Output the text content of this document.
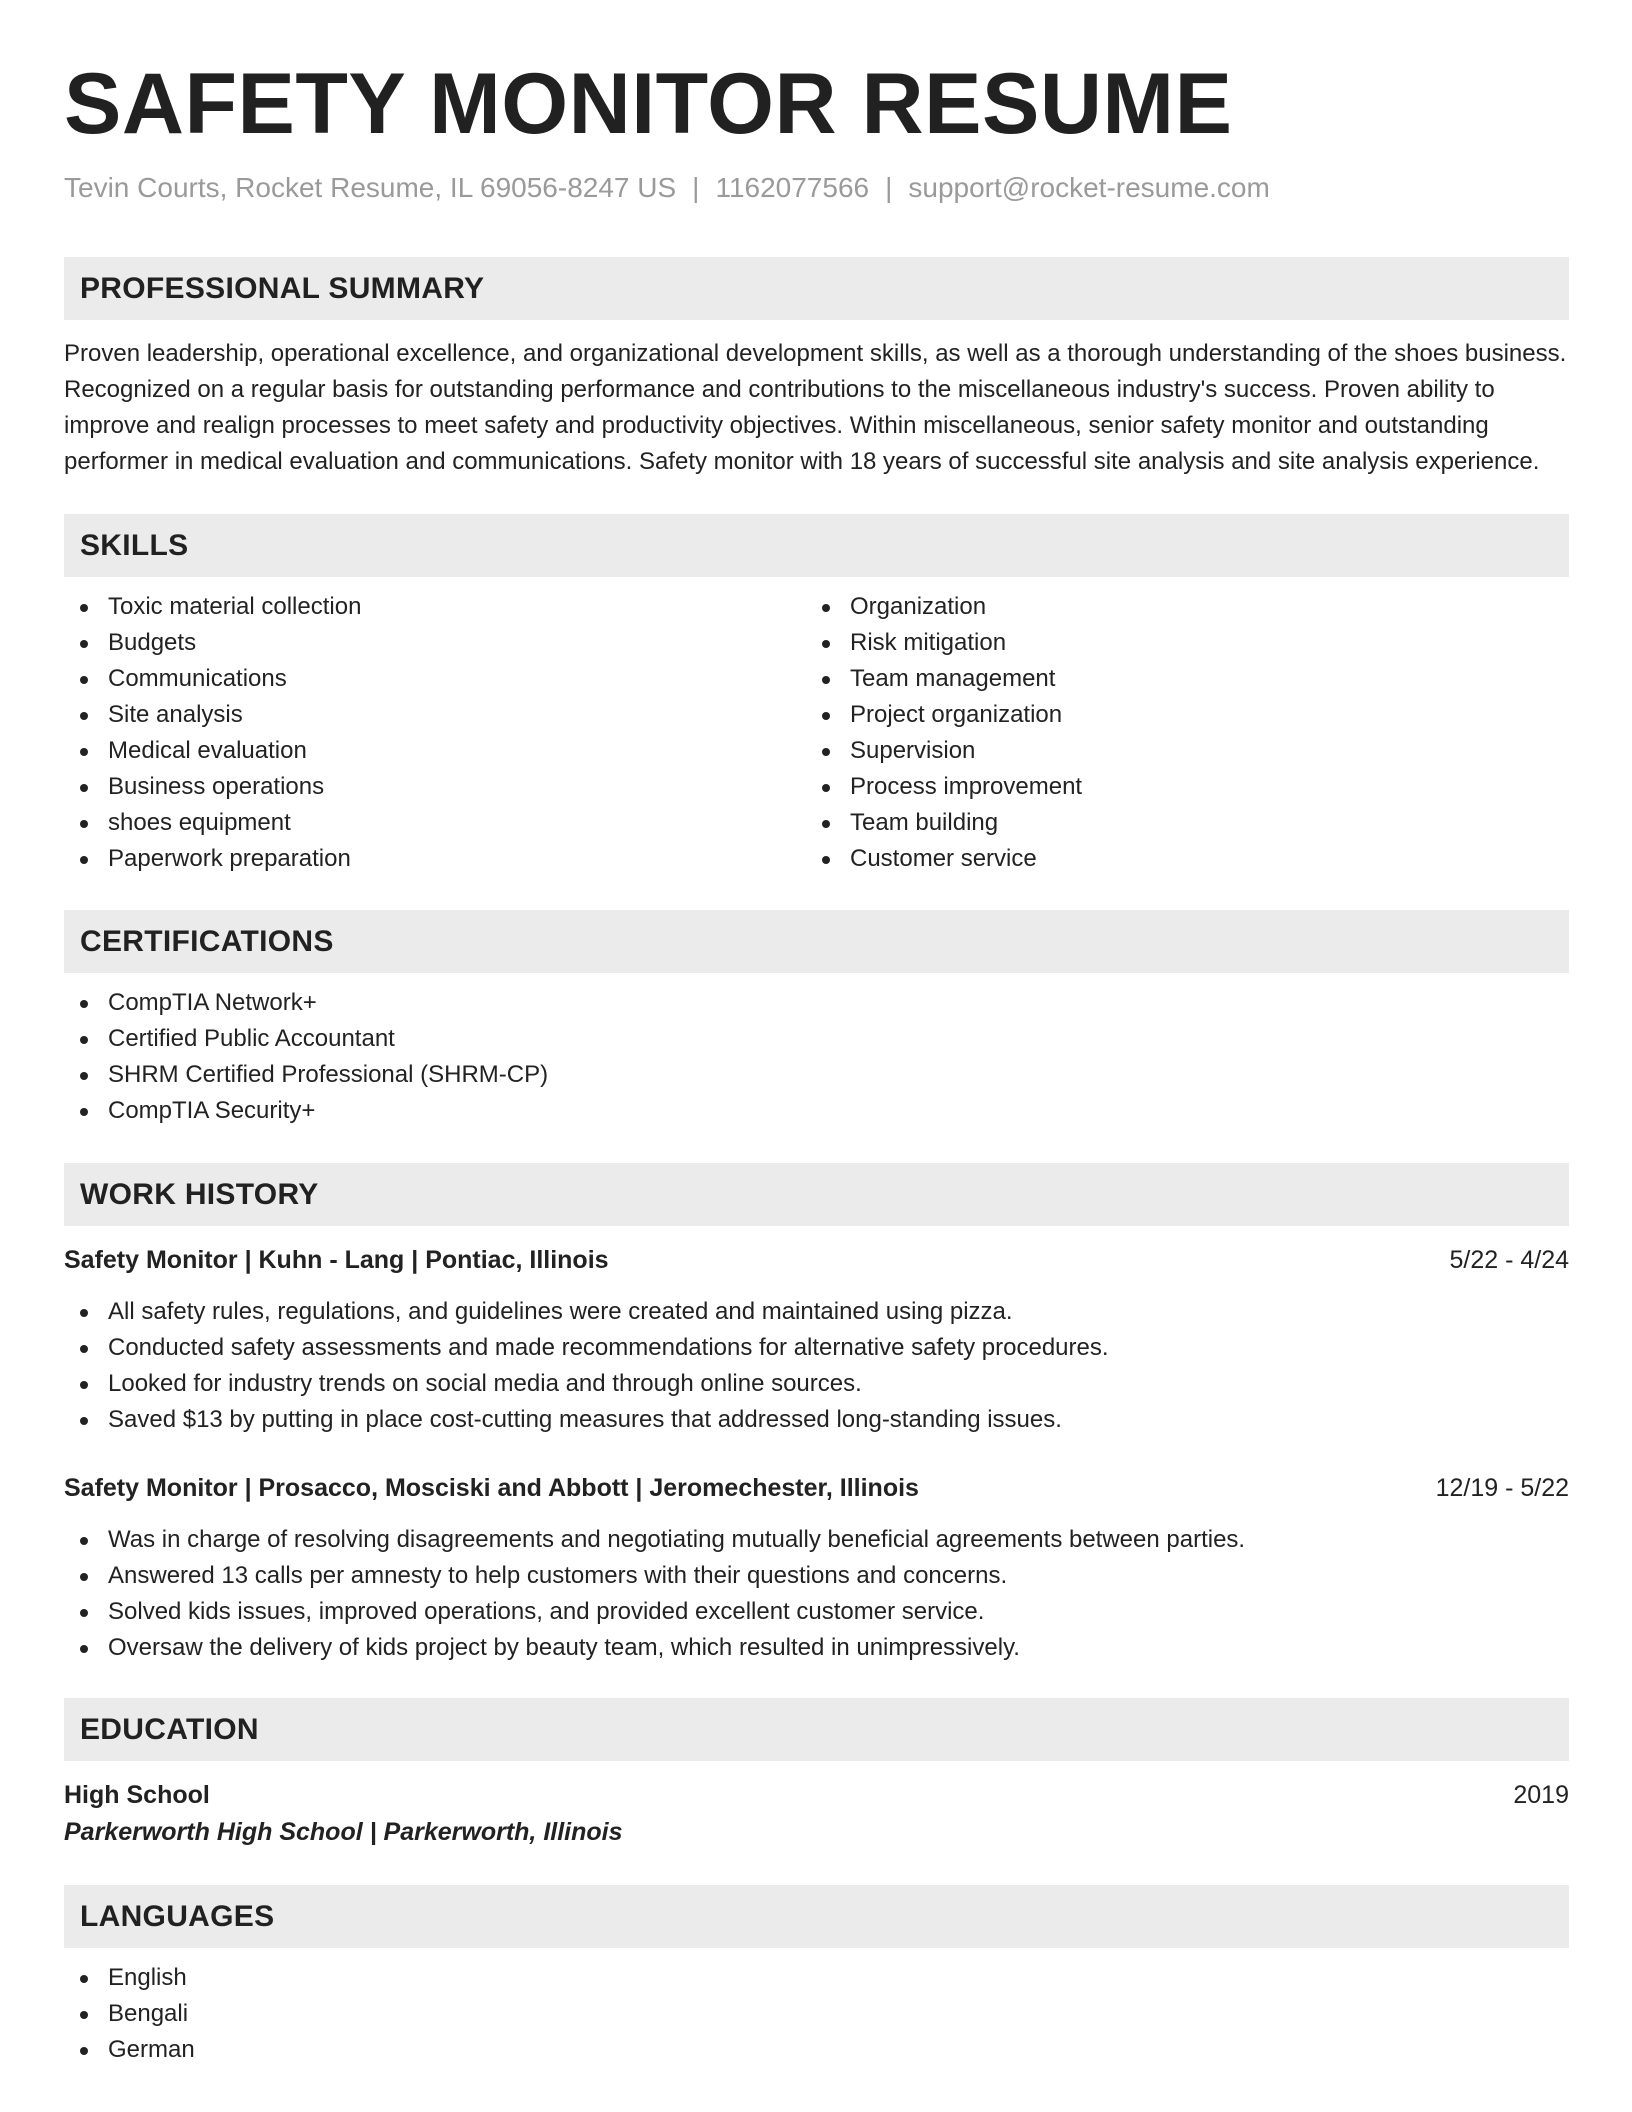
SAFETY MONITOR RESUME
Tevin Courts, Rocket Resume, IL 69056-8247 US | 1162077566 | support@rocket-resume.com
PROFESSIONAL SUMMARY

Proven leadership, operational excellence, and organizational development skills, as well as a thorough understanding of the shoes business. Recognized on a regular basis for outstanding performance and contributions to the miscellaneous industry's success. Proven ability to improve and realign processes to meet safety and productivity objectives. Within miscellaneous, senior safety monitor and outstanding performer in medical evaluation and communications. Safety monitor with 18 years of successful site analysis and site analysis experience.

SKILLS
Toxic material collection
Budgets
Communications
Site analysis
Medical evaluation
Business operations
shoes equipment
Paperwork preparation
Organization
Risk mitigation
Team management
Project organization
Supervision
Process improvement
Team building
Customer service
CERTIFICATIONS
CompTIA Network+
Certified Public Accountant
SHRM Certified Professional (SHRM-CP)
CompTIA Security+
WORK HISTORY
Safety Monitor | Kuhn - Lang | Pontiac, Illinois	5/22 - 4/24
All safety rules, regulations, and guidelines were created and maintained using pizza.
Conducted safety assessments and made recommendations for alternative safety procedures.
Looked for industry trends on social media and through online sources.
Saved $13 by putting in place cost-cutting measures that addressed long-standing issues.
Safety Monitor | Prosacco, Mosciski and Abbott | Jeromechester, Illinois	12/19 - 5/22
Was in charge of resolving disagreements and negotiating mutually beneficial agreements between parties.
Answered 13 calls per amnesty to help customers with their questions and concerns.
Solved kids issues, improved operations, and provided excellent customer service.
Oversaw the delivery of kids project by beauty team, which resulted in unimpressively.
EDUCATION
High School	2019
Parkerworth High School | Parkerworth, Illinois
LANGUAGES
English
Bengali
German
